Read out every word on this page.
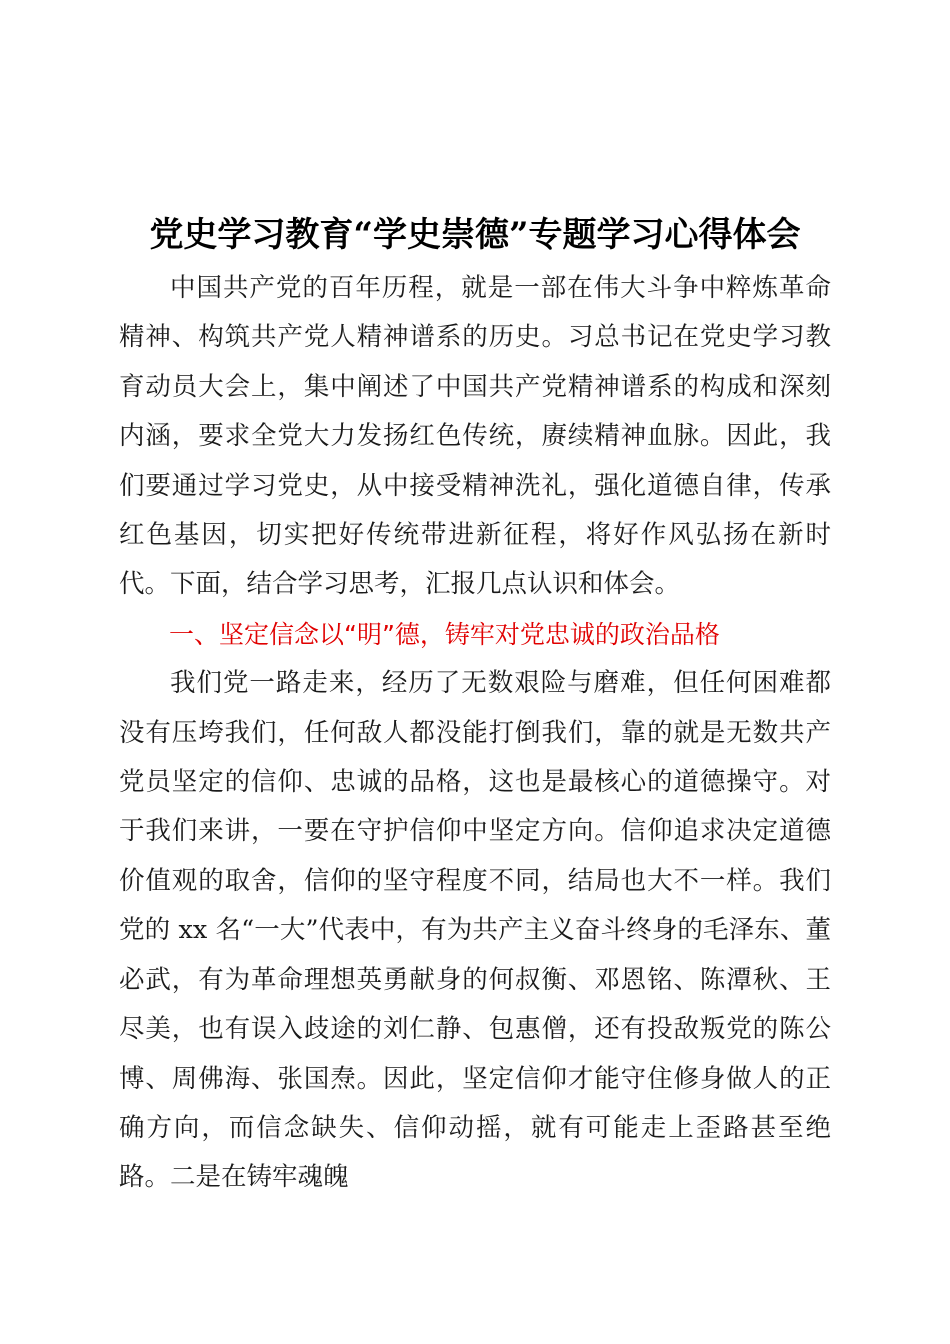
党史学习教育“学史崇德”专题学习心得体会

中国共产党的百年历程，就是一部在伟大斗争中粹炼革命精神、构筑共产党人精神谱系的历史。习总书记在党史学习教育动员大会上，集中阐述了中国共产党精神谱系的构成和深刻内涵，要求全党大力发扬红色传统，赓续精神血脉。因此，我们要通过学习党史，从中接受精神洗礼，强化道德自律，传承红色基因，切实把好传统带进新征程，将好作风弘扬在新时代。下面，结合学习思考，汇报几点认识和体会。

一、坚定信念以“明”德，铸牢对党忠诚的政治品格

我们党一路走来，经历了无数艰险与磨难，但任何困难都没有压垮我们，任何敌人都没能打倒我们，靠的就是无数共产党员坚定的信仰、忠诚的品格，这也是最核心的道德操守。对于我们来讲，一要在守护信仰中坚定方向。信仰追求决定道德价值观的取舍，信仰的坚守程度不同，结局也大不一样。我们党的 xx 名“一大”代表中，有为共产主义奋斗终身的毛泽东、董必武，有为革命理想英勇献身的何叔衡、邓恩铭、陈潭秋、王尽美，也有误入歧途的刘仁静、包惠僧，还有投敌叛党的陈公博、周佛海、张国焘。因此，坚定信仰才能守住修身做人的正确方向，而信念缺失、信仰动摇，就有可能走上歪路甚至绝路。二是在铸牢魂魄
